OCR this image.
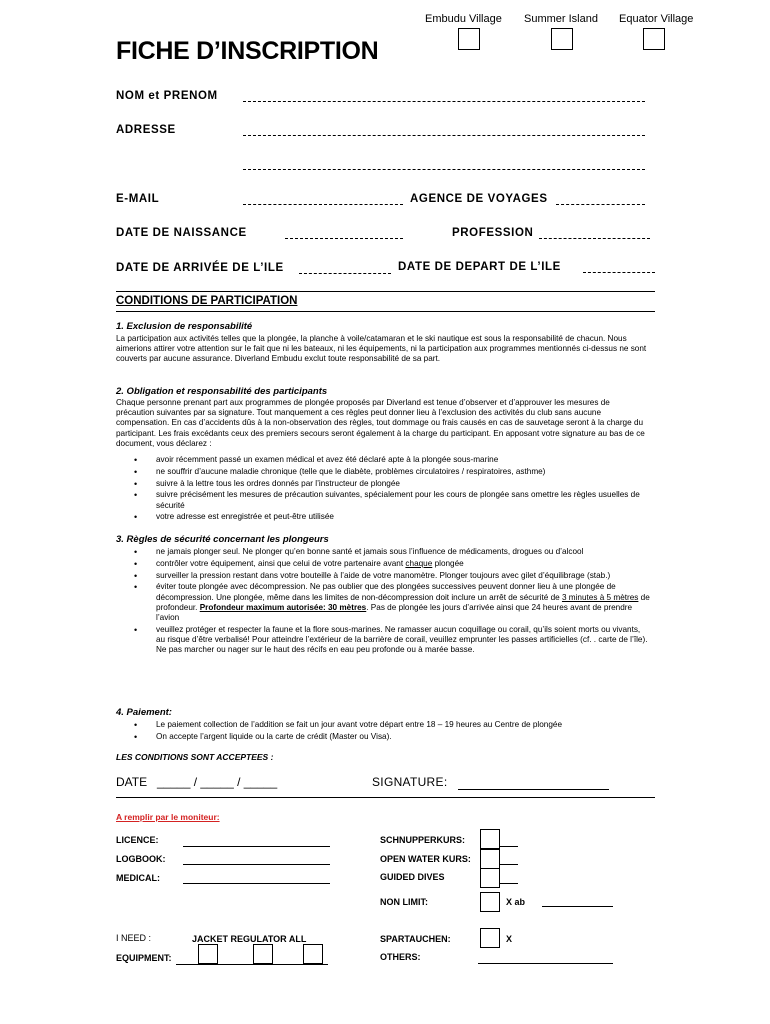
Embudu Village Summer Island Equator Village
FICHE D’INSCRIPTION
NOM et PRENOM
ADRESSE
E-MAIL	AGENCE DE VOYAGES
DATE DE NAISSANCE	PROFESSION
DATE DE ARRIVÉE DE L’ILE	DATE DE DEPART DE L’ILE
CONDITIONS DE PARTICIPATION
1. Exclusion de responsabilité
La participation aux activités telles que la plongée, la planche à voile/catamaran et le ski nautique est sous la responsabilité de chacun. Nous aimerions attirer votre attention sur le fait que ni les bateaux, ni les équipements, ni la participation aux programmes mentionnés ci-dessus ne sont couverts par aucune assurance. Diverland Embudu exclut toute responsabilité de sa part.
2. Obligation et responsabilité des participants
Chaque personne prenant part aux programmes de plongée proposés par Diverland est tenue d’observer et d’approuver les mesures de précaution suivantes par sa signature. Tout manquement a ces règles peut donner lieu à l’exclusion des activités du club sans aucune compensation. En cas d’accidents dûs à la non-observation des règles, tout dommage ou frais causés en cas de sauvetage seront à la charge du participant. Les frais excédants ceux des premiers secours seront également à la charge du participant. En apposant votre signature au bas de ce document, vous déclarez :
• avoir récemment passé un examen médical et avez été déclaré apte à la plongée sous-marine
• ne souffrir d’aucune maladie chronique (telle que le diabète, problèmes circulatoires / respiratoires, asthme)
• suivre à la lettre tous les ordres donnés par l’instructeur de plongée
• suivre précisément les mesures de précaution suivantes, spécialement pour les cours de plongée sans omettre les règles usuelles de sécurité
• votre adresse est enregistrée et peut-être utilisée
3. Règles de sécurité concernant les plongeurs
• ne jamais plonger seul. Ne plonger qu’en bonne santé et jamais sous l’influence de médicaments, drogues ou d’alcool
• contrôler votre équipement, ainsi que celui de votre partenaire avant chaque plongée
• surveiller la pression restant dans votre bouteille à l’aide de votre manomètre. Plonger toujours avec gilet d’équilibrage (stab.)
• éviter toute plongée avec décompression. Ne pas oublier que des plongées successives peuvent donner lieu à une plongée de décompression. Une plongée, même dans les limites de non-décompression doit inclure un arrêt de sécurité de 3 minutes à 5 mètres de profondeur. Profondeur maximum autorisée: 30 mètres. Pas de plongée les jours d’arrivée ainsi que 24 heures avant de prendre l’avion
• veuillez protéger et respecter la faune et la flore sous-marines. Ne ramasser aucun coquillage ou corail, qu’ils soient morts ou vivants, au risque d’être verbalisé! Pour atteindre l’extérieur de la barrière de corail, veuillez emprunter les passes artificielles (cf. . carte de l’île). Ne pas marcher ou nager sur le haut des récifs en eau peu profonde ou à marée basse.
4. Paiement:
• Le paiement collection de l’addition se fait un jour avant votre départ entre 18 – 19 heures au Centre de plongée
• On accepte l’argent liquide ou la carte de crédit (Master ou Visa).
LES CONDITIONS SONT ACCEPTEES :
DATE _____ / _____ / _____	SIGNATURE:
A remplir par le moniteur:
LICENCE:
LOGBOOK:
MEDICAL:
SCHNUPPERKURS:
OPEN WATER KURS:
GUIDED DIVES
NON LIMIT:	X ab
I NEED :	JACKET REGULATOR ALL
EQUIPMENT:
SPARTAUCHEN:	X
OTHERS:
